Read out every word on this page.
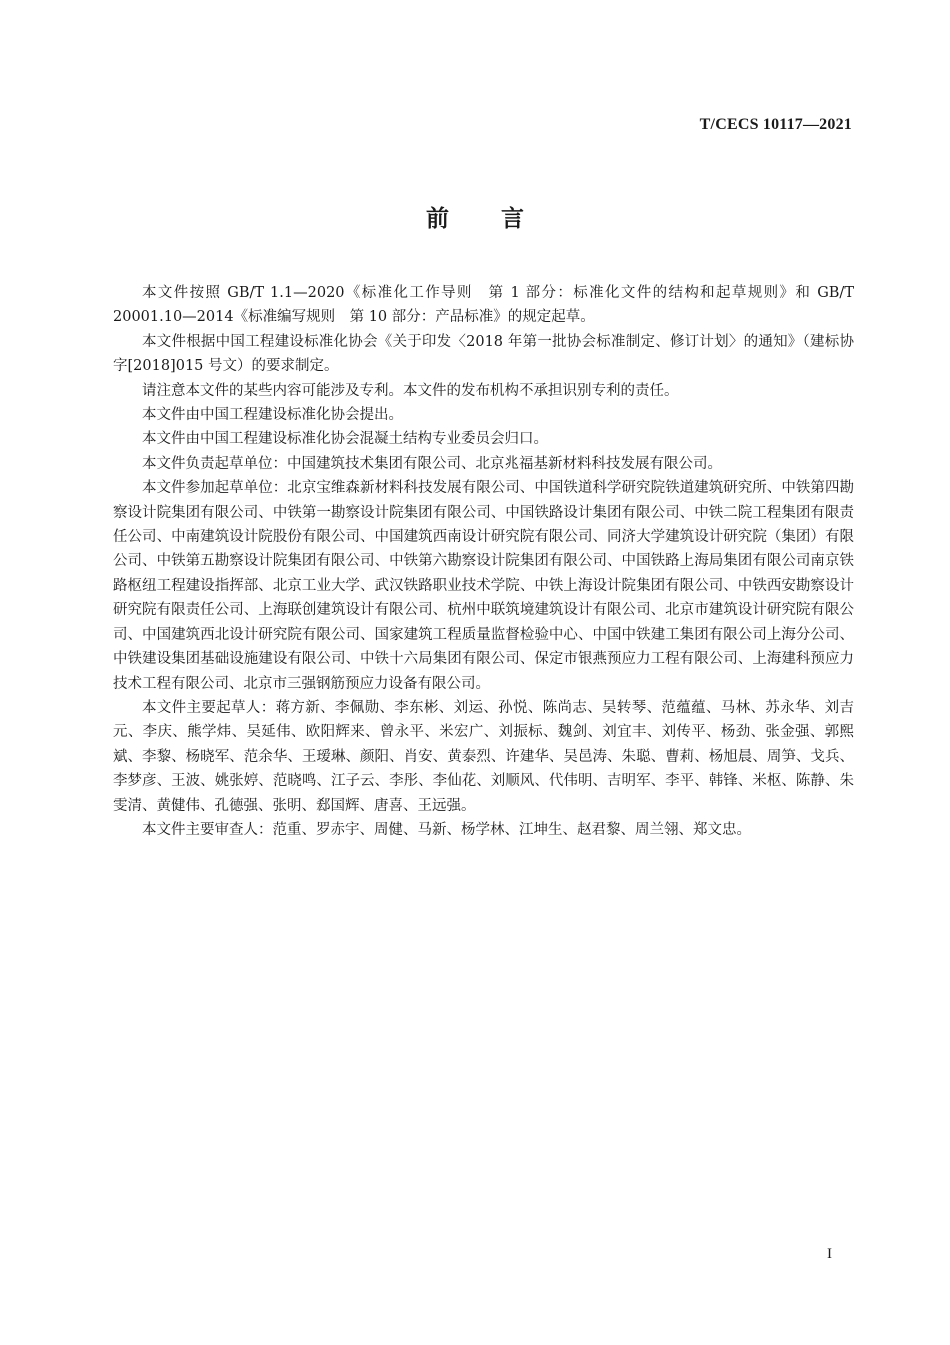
T/CECS 10117—2021
前 言

本文件按照 GB/T 1.1—2020《标准化工作导则　第 1 部分：标准化文件的结构和起草规则》和 GB/T 20001.10—2014《标准编写规则　第 10 部分：产品标准》的规定起草。

本文件根据中国工程建设标准化协会《关于印发〈2018 年第一批协会标准制定、修订计划〉的通知》（建标协字[2018]015 号文）的要求制定。

请注意本文件的某些内容可能涉及专利。本文件的发布机构不承担识别专利的责任。

本文件由中国工程建设标准化协会提出。

本文件由中国工程建设标准化协会混凝土结构专业委员会归口。

本文件负责起草单位：中国建筑技术集团有限公司、北京兆福基新材料科技发展有限公司。

本文件参加起草单位：北京宝维森新材料科技发展有限公司、中国铁道科学研究院铁道建筑研究所、中铁第四勘察设计院集团有限公司、中铁第一勘察设计院集团有限公司、中国铁路设计集团有限公司、中铁二院工程集团有限责任公司、中南建筑设计院股份有限公司、中国建筑西南设计研究院有限公司、同济大学建筑设计研究院（集团）有限公司、中铁第五勘察设计院集团有限公司、中铁第六勘察设计院集团有限公司、中国铁路上海局集团有限公司南京铁路枢纽工程建设指挥部、北京工业大学、武汉铁路职业技术学院、中铁上海设计院集团有限公司、中铁西安勘察设计研究院有限责任公司、上海联创建筑设计有限公司、杭州中联筑境建筑设计有限公司、北京市建筑设计研究院有限公司、中国建筑西北设计研究院有限公司、国家建筑工程质量监督检验中心、中国中铁建工集团有限公司上海分公司、中铁建设集团基础设施建设有限公司、中铁十六局集团有限公司、保定市银燕预应力工程有限公司、上海建科预应力技术工程有限公司、北京市三强钢筋预应力设备有限公司。

本文件主要起草人：蒋方新、李佩勋、李东彬、刘运、孙悦、陈尚志、吴转琴、范蕴蕴、马林、苏永华、刘吉元、李庆、熊学炜、吴延伟、欧阳辉来、曾永平、米宏广、刘振标、魏剑、刘宜丰、刘传平、杨劲、张金强、郭熙斌、李黎、杨晓军、范余华、王瑷琳、颜阳、肖安、黄泰烈、许建华、吴邑涛、朱聪、曹莉、杨旭晨、周笋、戈兵、李梦彦、王波、姚张婷、范晓鸣、江子云、李彤、李仙花、刘顺风、代伟明、吉明军、李平、韩锋、米枢、陈静、朱雯清、黄健伟、孔德强、张明、郄国辉、唐喜、王远强。

本文件主要审查人：范重、罗赤宇、周健、马新、杨学林、江坤生、赵君黎、周兰翎、郑文忠。

I
